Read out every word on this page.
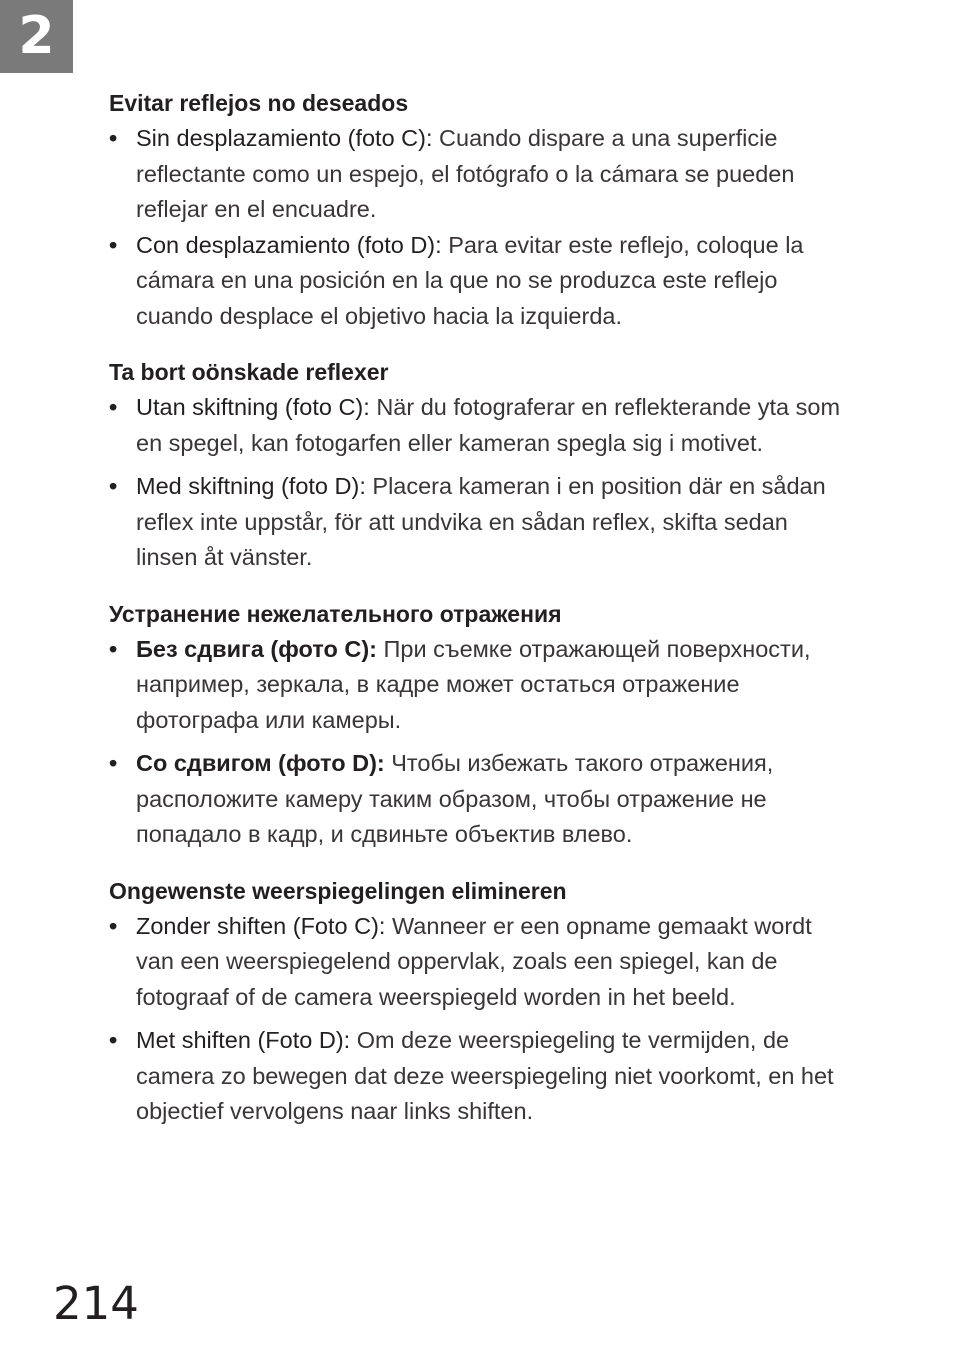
2
Evitar reflejos no deseados
• Sin desplazamiento (foto C): Cuando dispare a una superficie reflectante como un espejo, el fotógrafo o la cámara se pueden reflejar en el encuadre.
• Con desplazamiento (foto D): Para evitar este reflejo, coloque la cámara en una posición en la que no se produzca este reflejo cuando desplace el objetivo hacia la izquierda.
Ta bort oönskade reflexer
• Utan skiftning (foto C): När du fotograferar en reflekterande yta som en spegel, kan fotogarfen eller kameran spegla sig i motivet.
• Med skiftning (foto D): Placera kameran i en position där en sådan reflex inte uppstår, för att undvika en sådan reflex, skifta sedan linsen åt vänster.
Устранение нежелательного отражения
• Без сдвига (фото C): При съемке отражающей поверхности, например, зеркала, в кадре может остаться отражение фотографа или камеры.
• Со сдвигом (фото D): Чтобы избежать такого отражения, расположите камеру таким образом, чтобы отражение не попадало в кадр, и сдвиньте объектив влево.
Ongewenste weerspiegelingen elimineren
• Zonder shiften (Foto C): Wanneer er een opname gemaakt wordt van een weerspiegelend oppervlak, zoals een spiegel, kan de fotograaf of de camera weerspiegeld worden in het beeld.
• Met shiften (Foto D): Om deze weerspiegeling te vermijden, de camera zo bewegen dat deze weerspiegeling niet voorkomt, en het objectief vervolgens naar links shiften.
214
